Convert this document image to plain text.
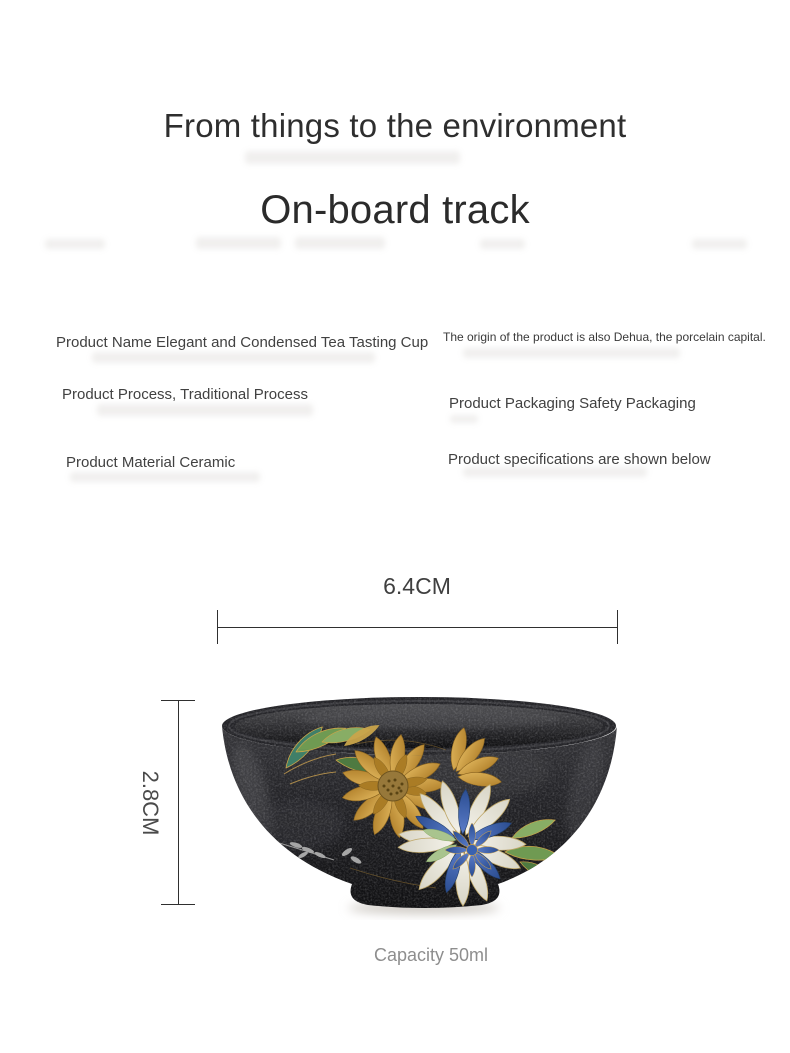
From things to the environment
On-board track
Product Name Elegant and Condensed Tea Tasting Cup
Product Process, Traditional Process
Product Material Ceramic
The origin of the product is also Dehua, the porcelain capital.
Product Packaging Safety Packaging
Product specifications are shown below
6.4CM
2.8CM
Capacity 50ml
